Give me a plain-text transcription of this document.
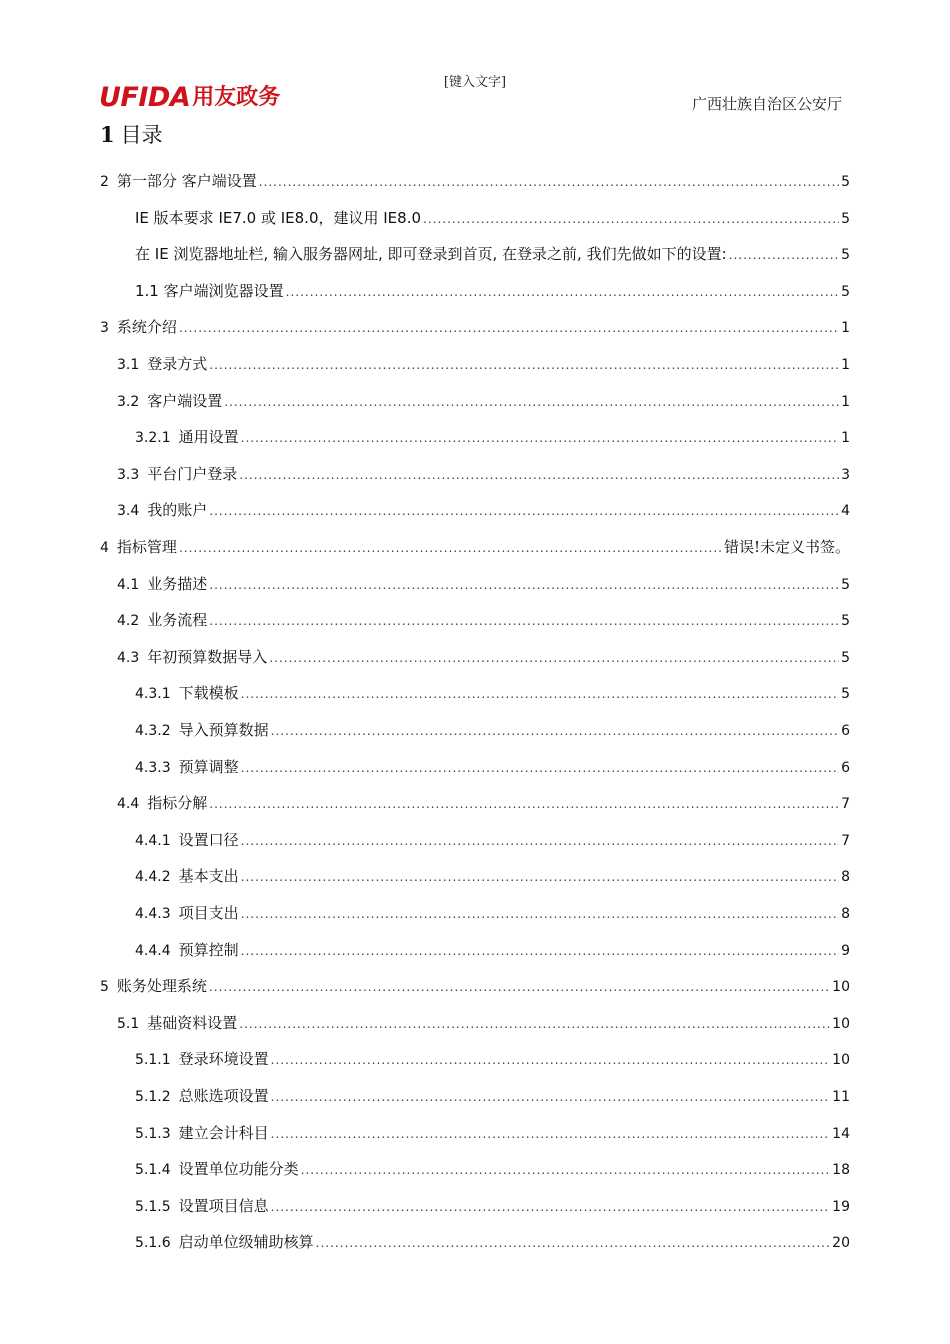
[键入文字]
UFIDA 用友政务	广西壮族自治区公安厅
1 目录
2 第一部分 客户端设置 .....	5
IE 版本要求 IE7.0 或 IE8.0，建议用 IE8.0 .....	5
在 IE 浏览器地址栏, 输入服务器网址, 即可登录到首页, 在登录之前, 我们先做如下的设置: .....	5
1.1 客户端浏览器设置 .....	5
3 系统介绍 .....	1
3.1 登录方式 .....	1
3.2 客户端设置 .....	1
3.2.1 通用设置 .....	1
3.3 平台门户登录 .....	3
3.4 我的账户 .....	4
4 指标管理 .....	错误!未定义书签。
4.1 业务描述 .....	5
4.2 业务流程 .....	5
4.3 年初预算数据导入 .....	5
4.3.1 下载模板 .....	5
4.3.2 导入预算数据 .....	6
4.3.3 预算调整 .....	6
4.4 指标分解 .....	7
4.4.1 设置口径 .....	7
4.4.2 基本支出 .....	8
4.4.3 项目支出 .....	8
4.4.4 预算控制 .....	9
5 账务处理系统 .....	10
5.1 基础资料设置 .....	10
5.1.1 登录环境设置 .....	10
5.1.2 总账选项设置 .....	11
5.1.3 建立会计科目 .....	14
5.1.4 设置单位功能分类 .....	18
5.1.5 设置项目信息 .....	19
5.1.6 启动单位级辅助核算 .....	20
